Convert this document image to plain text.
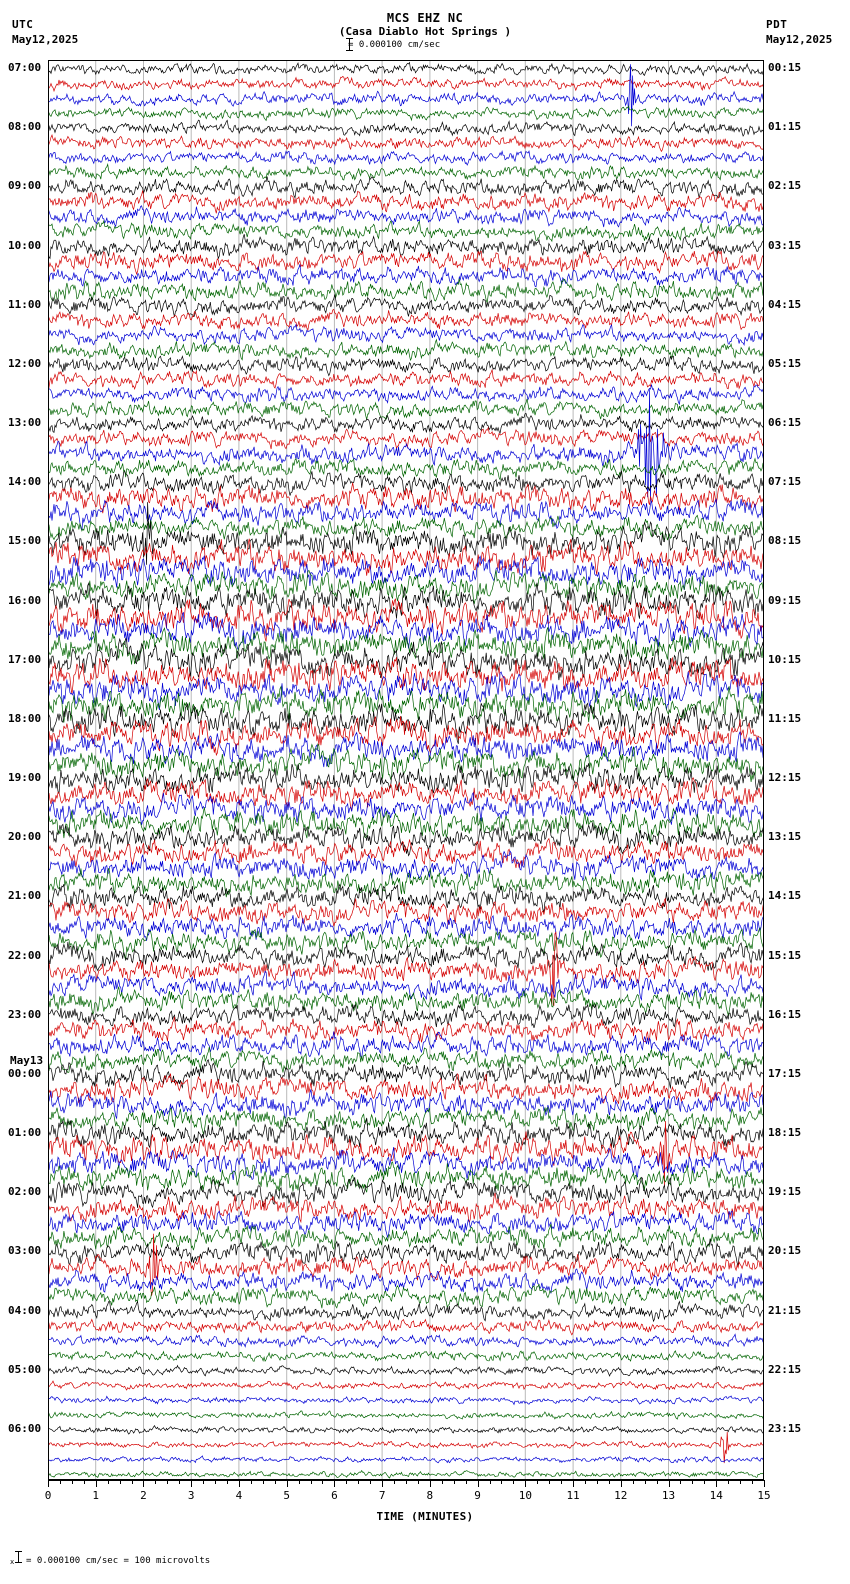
UTC
May12,2025
MCS EHZ NC
(Casa Diablo Hot Springs )
PDT
May12,2025
= 0.000100 cm/sec
07:00
08:00
09:00
10:00
11:00
12:00
13:00
14:00
15:00
16:00
17:00
18:00
19:00
20:00
21:00
22:00
23:00
May13
00:00
01:00
02:00
03:00
04:00
05:00
06:00
00:15
01:15
02:15
03:15
04:15
05:15
06:15
07:15
08:15
09:15
10:15
11:15
12:15
13:15
14:15
15:15
16:15
17:15
18:15
19:15
20:15
21:15
22:15
23:15
0	1	2	3	4	5	6	7	8	9	10	11	12	13	14	15
TIME (MINUTES)
x = 0.000100 cm/sec = 100 microvolts
